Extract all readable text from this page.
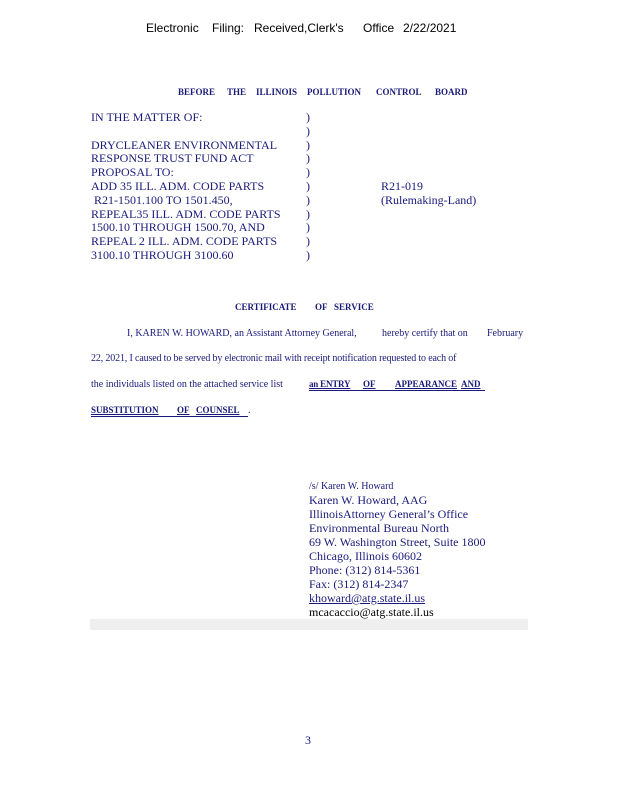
Electronic Filing: Received,Clerk's Office 2/22/2021
BEFORE THE ILLINOIS POLLUTION CONTROL BOARD
IN THE MATTER OF:
DRYCLEANER ENVIRONMENTAL
RESPONSE TRUST FUND ACT
PROPOSAL TO:
ADD 35 ILL. ADM. CODE PARTS
R21-1501.100 TO 1501.450,
REPEAL35 ILL. ADM. CODE PARTS
1500.10 THROUGH 1500.70, AND
REPEAL 2 ILL. ADM. CODE PARTS
3100.10 THROUGH 3100.60
)
)
)
)
)
)
)
)
)
)
)
R21-019
(Rulemaking-Land)
CERTIFICATE OF SERVICE
I, KAREN W. HOWARD, an Assistant Attorney General,	hereby certify that on February
22, 2021, I caused to be served by electronic mail with receipt notification requested to each of
the individuals listed on the attached service list	an ENTRY OF APPEARANCE AND
SUBSTITUTION OF COUNSEL .
/s/ Karen W. Howard
Karen W. Howard, AAG
IllinoisAttorney General’s Office
Environmental Bureau North
69 W. Washington Street, Suite 1800
Chicago, Illinois 60602
Phone: (312) 814-5361
Fax: (312) 814-2347
khoward@atg.state.il.us
mcacaccio@atg.state.il.us
3
